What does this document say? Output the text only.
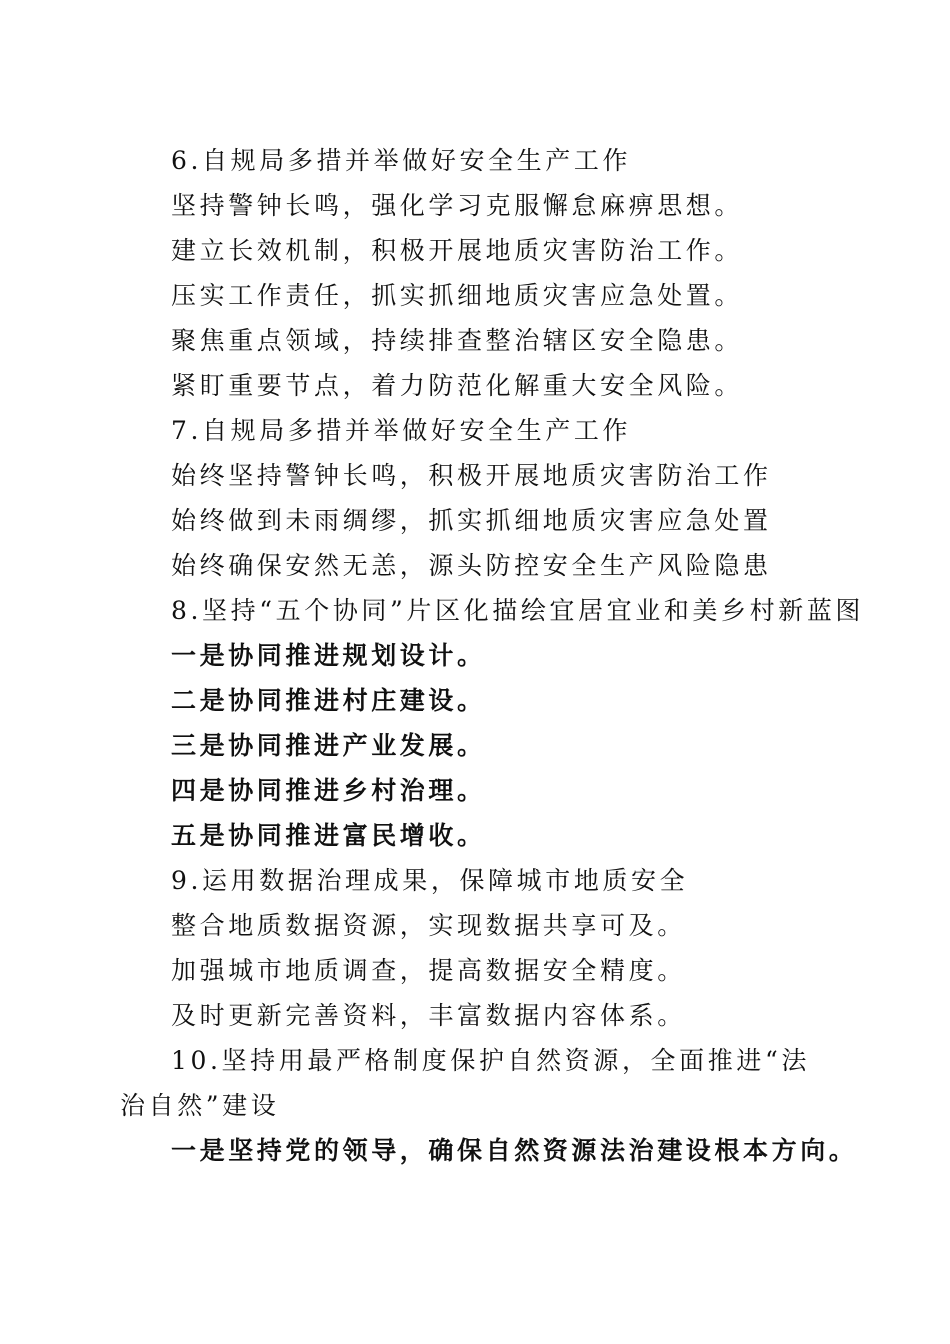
6.自规局多措并举做好安全生产工作
坚持警钟长鸣，强化学习克服懈怠麻痹思想。
建立长效机制，积极开展地质灾害防治工作。
压实工作责任，抓实抓细地质灾害应急处置。
聚焦重点领域，持续排查整治辖区安全隐患。
紧盯重要节点，着力防范化解重大安全风险。
7.自规局多措并举做好安全生产工作
始终坚持警钟长鸣，积极开展地质灾害防治工作
始终做到未雨绸缪，抓实抓细地质灾害应急处置
始终确保安然无恙，源头防控安全生产风险隐患
8.坚持“五个协同”片区化描绘宜居宜业和美乡村新蓝图
一是协同推进规划设计。
二是协同推进村庄建设。
三是协同推进产业发展。
四是协同推进乡村治理。
五是协同推进富民增收。
9.运用数据治理成果，保障城市地质安全
整合地质数据资源，实现数据共享可及。
加强城市地质调查，提高数据安全精度。
及时更新完善资料，丰富数据内容体系。
10.坚持用最严格制度保护自然资源，全面推进“法治自然”建设
一是坚持党的领导，确保自然资源法治建设根本方向。
